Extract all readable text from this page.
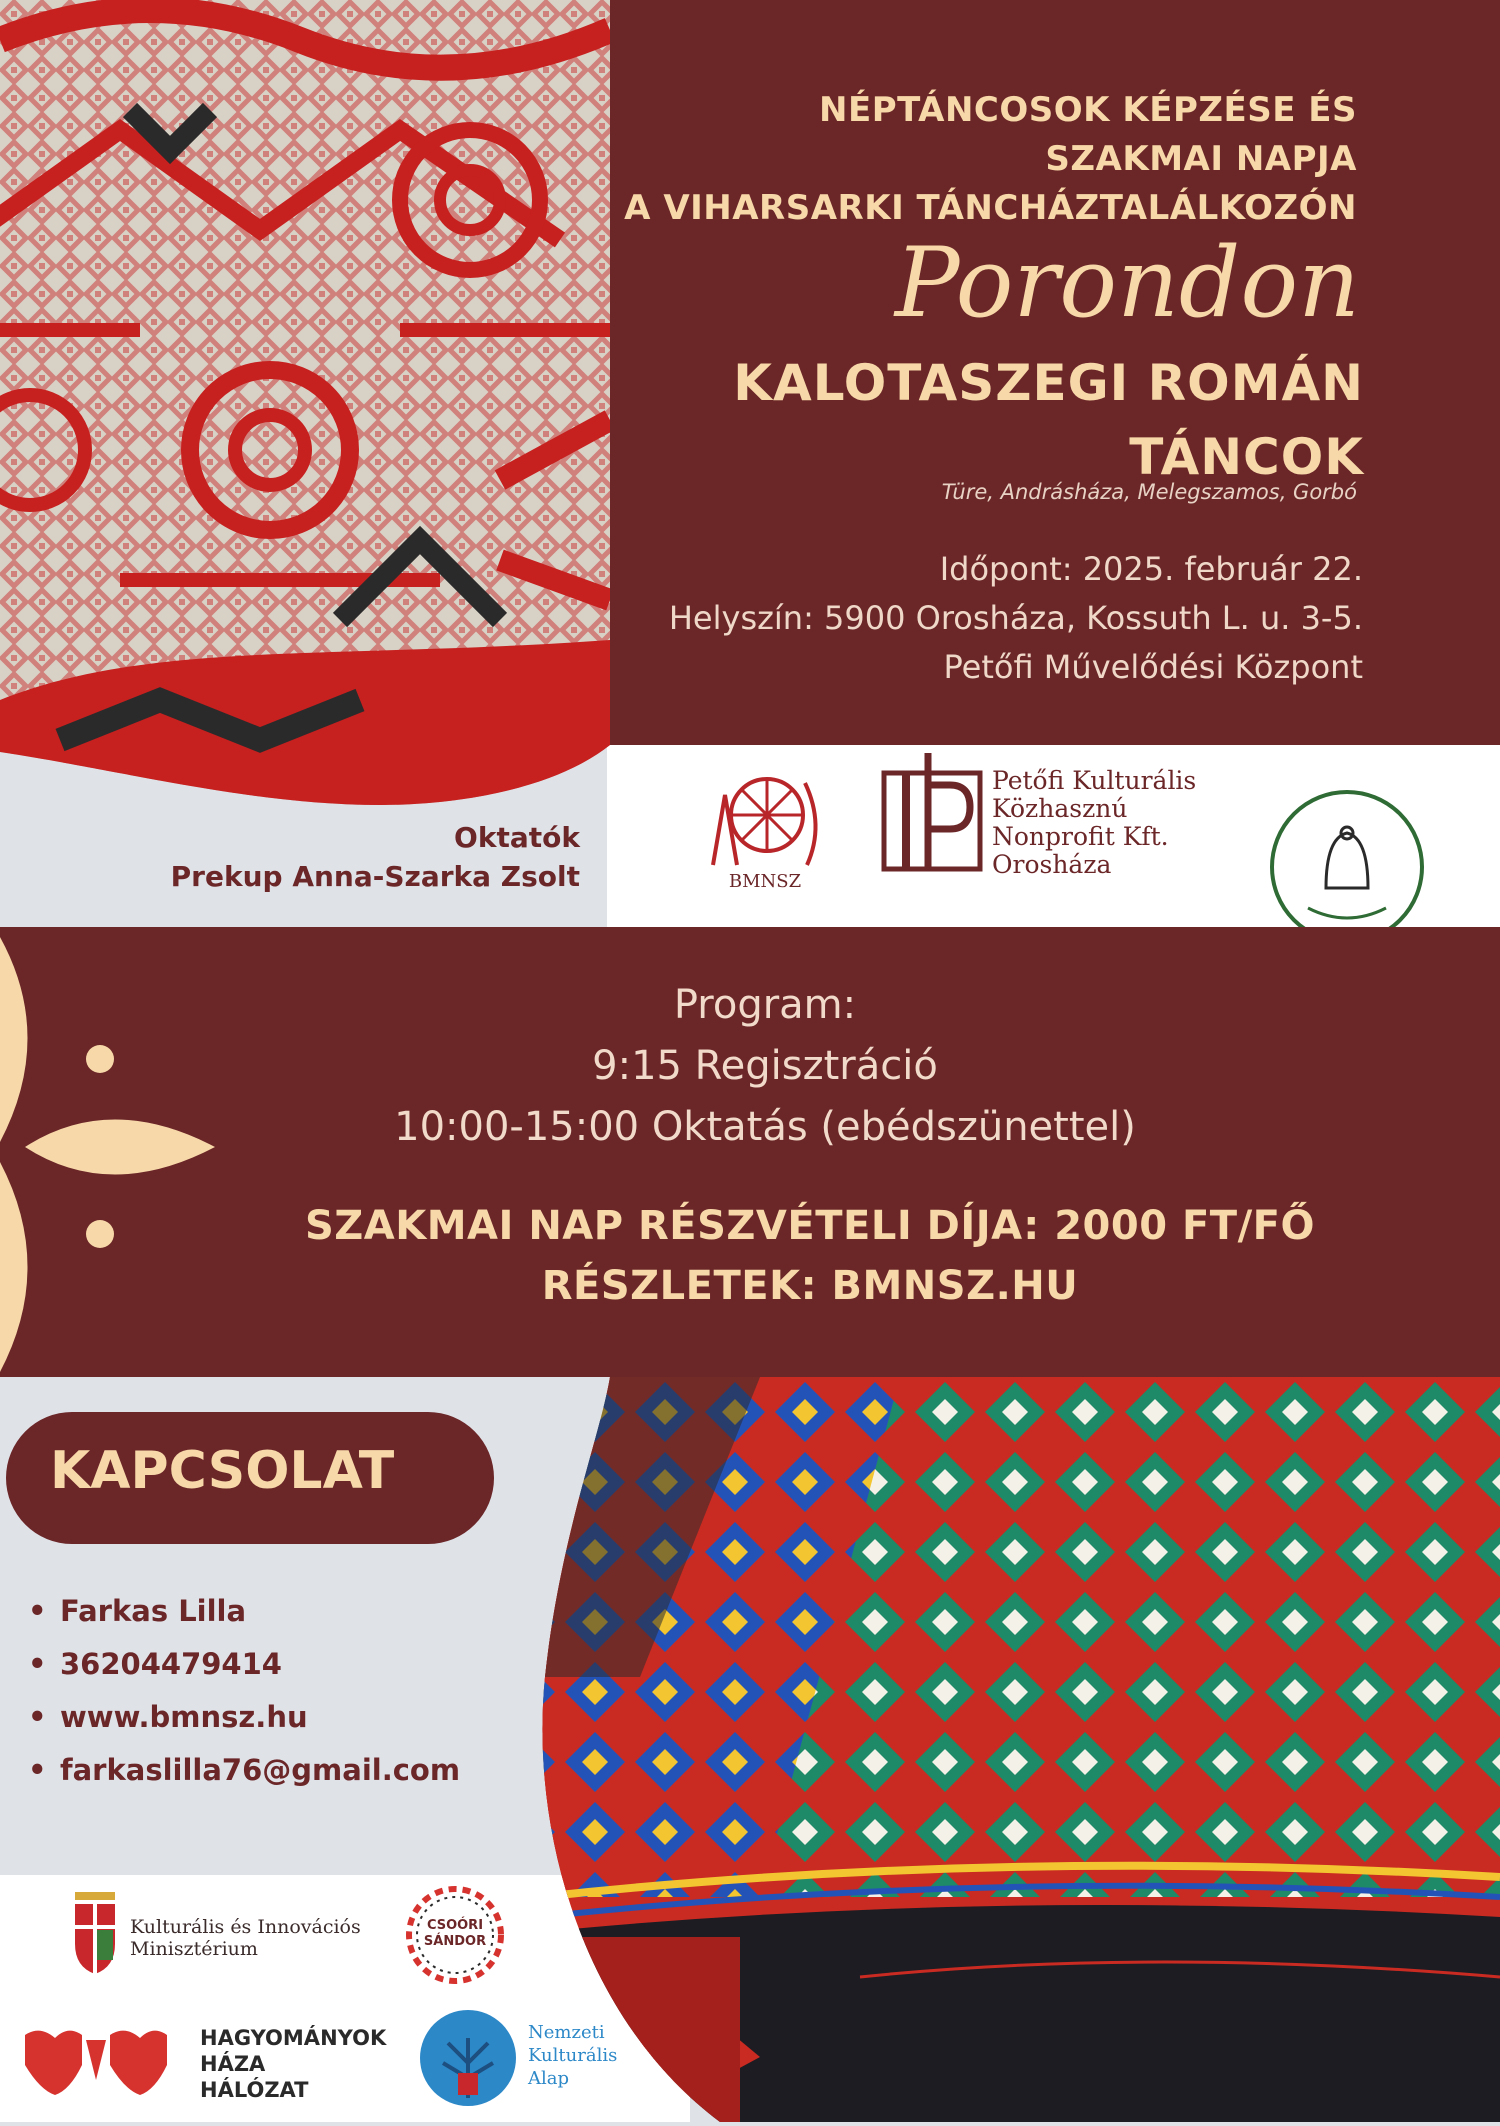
NÉPTÁNCOSOK KÉPZÉSE ÉS
SZAKMAI NAPJA
A VIHARSARKI TÁNCHÁZTALÁLKOZÓN
Porondon
KALOTASZEGI ROMÁN
TÁNCOK
Türe, Andrásháza, Melegszamos, Gorbó
Időpont: 2025. február 22.
Helyszín: 5900 Orosháza, Kossuth L. u. 3-5.
Petőfi Művelődési Központ
Oktatók
Prekup Anna-Szarka Zsolt	BMNSZ
Petőfi Kulturális
Közhasznú
Nonprofit Kft.
Orosháza
Program:
9:15 Regisztráció
10:00-15:00 Oktatás (ebédszünettel)
SZAKMAI NAP RÉSZVÉTELI DÍJA: 2000 FT/FŐ
RÉSZLETEK: BMNSZ.HU
KAPCSOLAT
• Farkas Lilla
• 36204479414
• www.bmnsz.hu
• farkaslilla76@gmail.com
Kulturális és Innovációs
Minisztérium
CSOÓRI
SÁNDOR
HAGYOMÁNYOK
HÁZA
HÁLÓZAT
Nemzeti
Kulturális
Alap
